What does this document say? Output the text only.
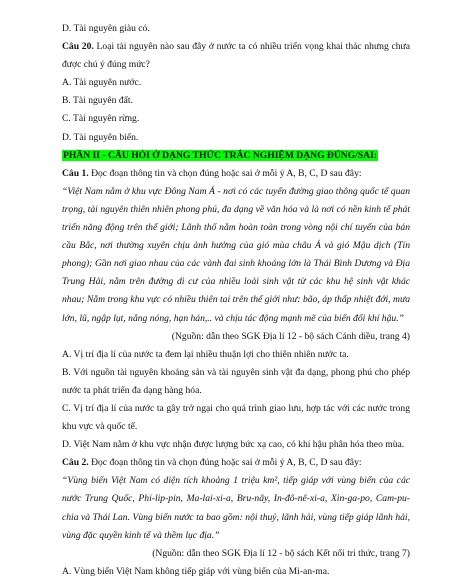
D. Tài nguyên giàu có.
Câu 20. Loại tài nguyên nào sau đây ở nước ta có nhiều triển vọng khai thác nhưng chưa được chú ý đúng mức?
A. Tài nguyên nước.
B. Tài nguyên đất.
C. Tài nguyên rừng.
D. Tài nguyên biển.
PHẦN II - CÂU HỎI Ở DẠNG THỨC TRẮC NGHIỆM DẠNG ĐÚNG/SAI:
Câu 1. Đọc đoạn thông tin và chọn đúng hoặc sai ở mỗi ý A, B, C, D sau đây:
“Việt Nam nằm ở khu vực Đông Nam Á - nơi có các tuyến đường giao thông quốc tế quan trọng, tài nguyên thiên nhiên phong phú, đa dạng về văn hóa và là nơi có nền kinh tế phát triển năng động trên thế giới; Lãnh thổ nằm hoàn toàn trong vòng nội chí tuyến của bán cầu Bắc, nơi thường xuyên chịu ảnh hưởng của gió mùa châu Á và gió Mậu dịch (Tín phong); Gần nơi giao nhau của các vành đai sinh khoáng lớn là Thái Bình Dương và Địa Trung Hải, nằm trên đường di cư của nhiều loài sinh vật từ các khu hệ sinh vật khác nhau; Nằm trong khu vực có nhiều thiên tai trên thế giới như: bão, áp thấp nhiệt đới, mưa lớn, lũ, ngập lụt, nắng nóng, hạn hán,.. và chịu tác động mạnh mẽ của biến đổi khí hậu.”
(Nguồn: dẫn theo SGK Địa lí 12 - bộ sách Cánh diều, trang 4)
A. Vị trí địa lí của nước ta đem lại nhiều thuận lợi cho thiên nhiên nước ta.
B. Với nguồn tài nguyên khoáng sản và tài nguyên sinh vật đa dạng, phong phú cho phép nước ta phát triển đa dạng hàng hóa.
C. Vị trí địa lí của nước ta gây trở ngại cho quá trình giao lưu, hợp tác với các nước trong khu vực và quốc tế.
D. Việt Nam nằm ở khu vực nhận được lượng bức xạ cao, có khí hậu phân hóa theo mùa.
Câu 2. Đọc đoạn thông tin và chọn đúng hoặc sai ở mỗi ý A, B, C, D sau đây:
“Vùng biển Việt Nam có diện tích khoảng 1 triệu km², tiếp giáp với vùng biển của các nước Trung Quốc, Phi-lip-pin, Ma-lai-xi-a, Bru-nây, In-đô-nê-xi-a, Xin-ga-po, Cam-pu-chia và Thái Lan. Vùng biển nước ta bao gồm: nội thuỷ, lãnh hải, vùng tiếp giáp lãnh hải, vùng đặc quyền kinh tế và thềm lục địa.”
(Nguồn: dẫn theo SGK Địa lí 12 - bộ sách Kết nối tri thức, trang 7)
A. Vùng biển Việt Nam không tiếp giáp với vùng biển của Mi-an-ma.
